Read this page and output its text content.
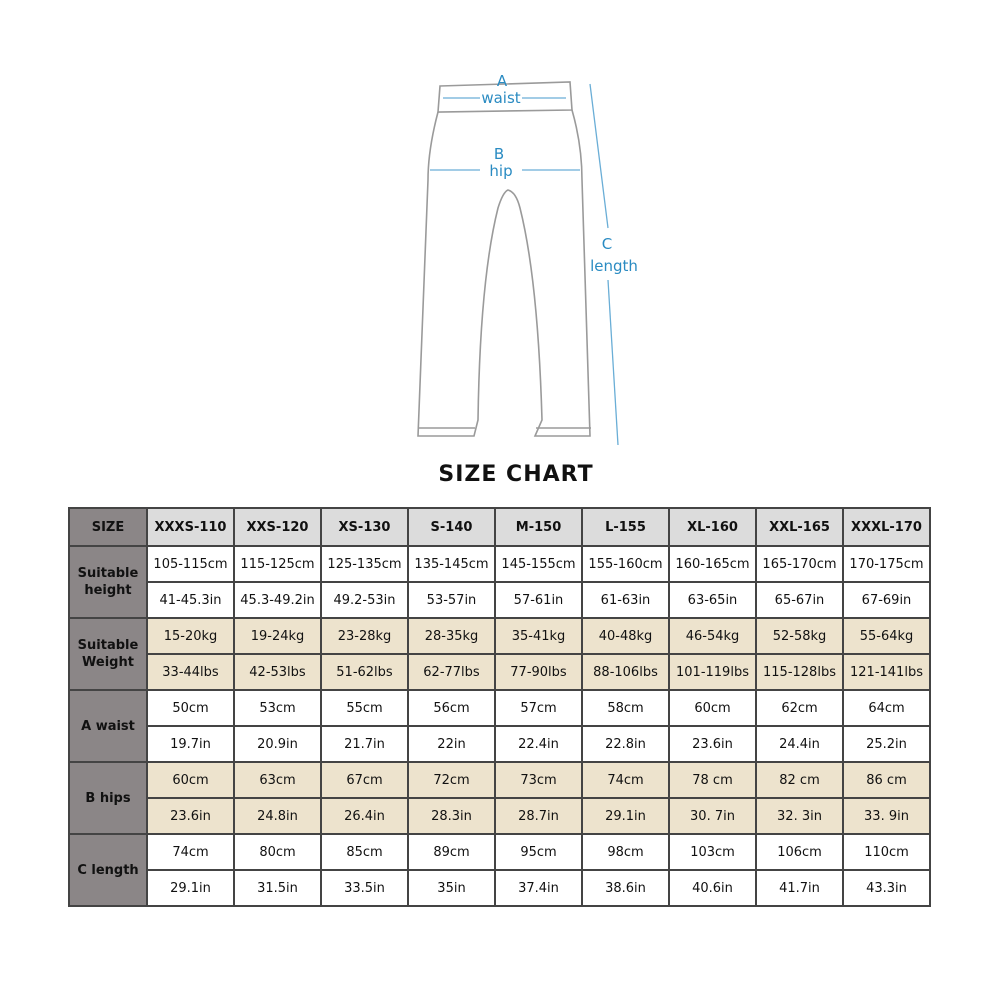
A
waist
B
hip
C
length
SIZE CHART
SIZE	XXXS-110	XXS-120	XS-130	S-140	M-150	L-155	XL-160	XXL-165	XXXL-170
Suitable height	105-115cm	115-125cm	125-135cm	135-145cm	145-155cm	155-160cm	160-165cm	165-170cm	170-175cm
	41-45.3in	45.3-49.2in	49.2-53in	53-57in	57-61in	61-63in	63-65in	65-67in	67-69in
Suitable Weight	15-20kg	19-24kg	23-28kg	28-35kg	35-41kg	40-48kg	46-54kg	52-58kg	55-64kg
	33-44lbs	42-53lbs	51-62lbs	62-77lbs	77-90lbs	88-106lbs	101-119lbs	115-128lbs	121-141lbs
A waist	50cm	53cm	55cm	56cm	57cm	58cm	60cm	62cm	64cm
	19.7in	20.9in	21.7in	22in	22.4in	22.8in	23.6in	24.4in	25.2in
B hips	60cm	63cm	67cm	72cm	73cm	74cm	78 cm	82 cm	86 cm
	23.6in	24.8in	26.4in	28.3in	28.7in	29.1in	30. 7in	32. 3in	33. 9in
C length	74cm	80cm	85cm	89cm	95cm	98cm	103cm	106cm	110cm
	29.1in	31.5in	33.5in	35in	37.4in	38.6in	40.6in	41.7in	43.3in
